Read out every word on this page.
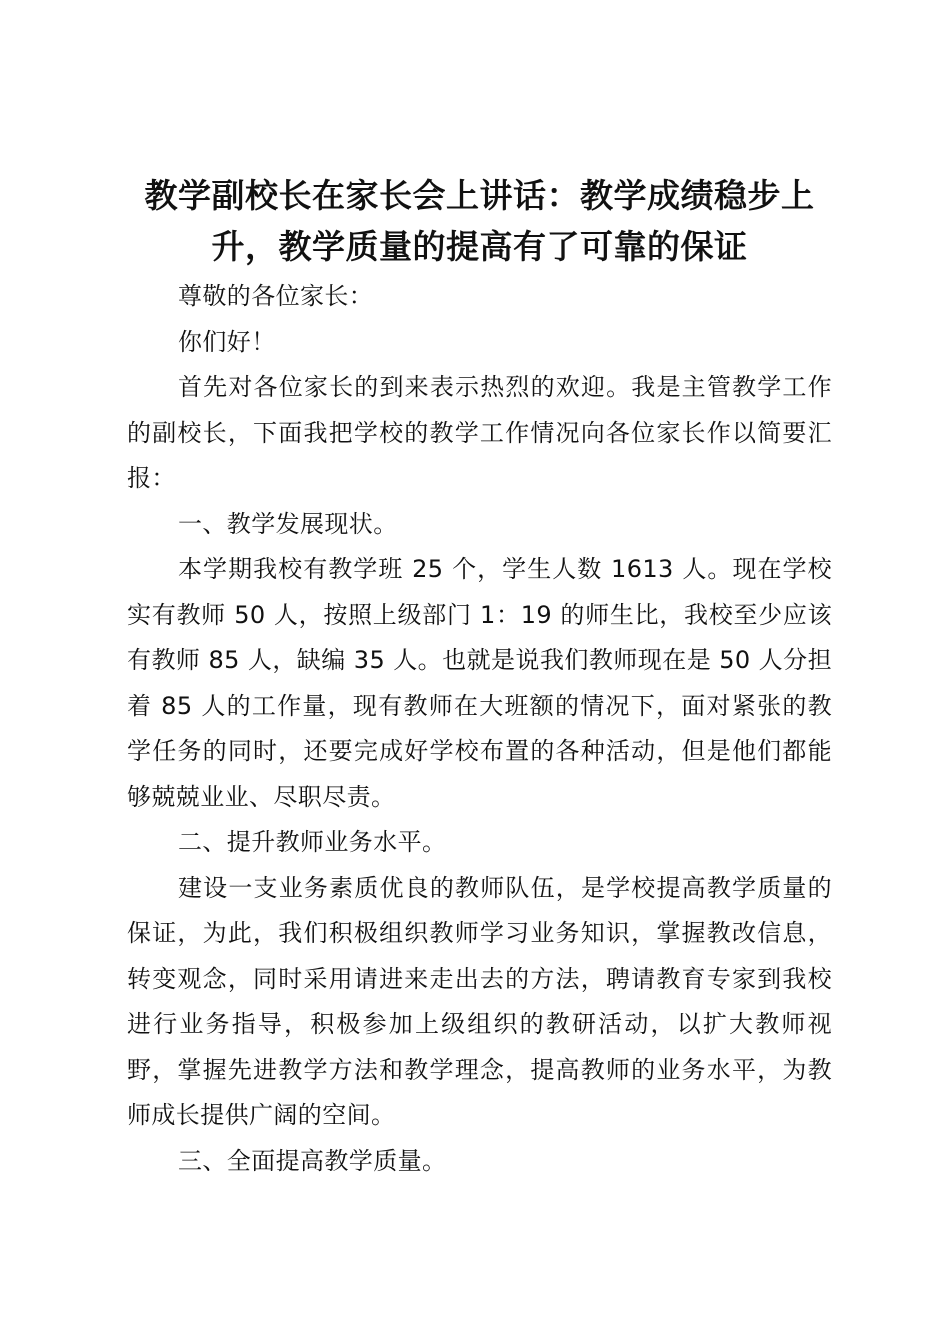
教学副校长在家长会上讲话：教学成绩稳步上升，教学质量的提高有了可靠的保证

尊敬的各位家长：

你们好！

首先对各位家长的到来表示热烈的欢迎。我是主管教学工作的副校长，下面我把学校的教学工作情况向各位家长作以简要汇报：

一、教学发展现状。

本学期我校有教学班 25 个，学生人数 1613 人。现在学校实有教师 50 人，按照上级部门 1：19 的师生比，我校至少应该有教师 85 人，缺编 35 人。也就是说我们教师现在是 50 人分担着 85 人的工作量，现有教师在大班额的情况下，面对紧张的教学任务的同时，还要完成好学校布置的各种活动，但是他们都能够兢兢业业、尽职尽责。

二、提升教师业务水平。

建设一支业务素质优良的教师队伍，是学校提高教学质量的保证，为此，我们积极组织教师学习业务知识，掌握教改信息，转变观念，同时采用请进来走出去的方法，聘请教育专家到我校进行业务指导，积极参加上级组织的教研活动，以扩大教师视野，掌握先进教学方法和教学理念，提高教师的业务水平，为教师成长提供广阔的空间。

三、全面提高教学质量。
